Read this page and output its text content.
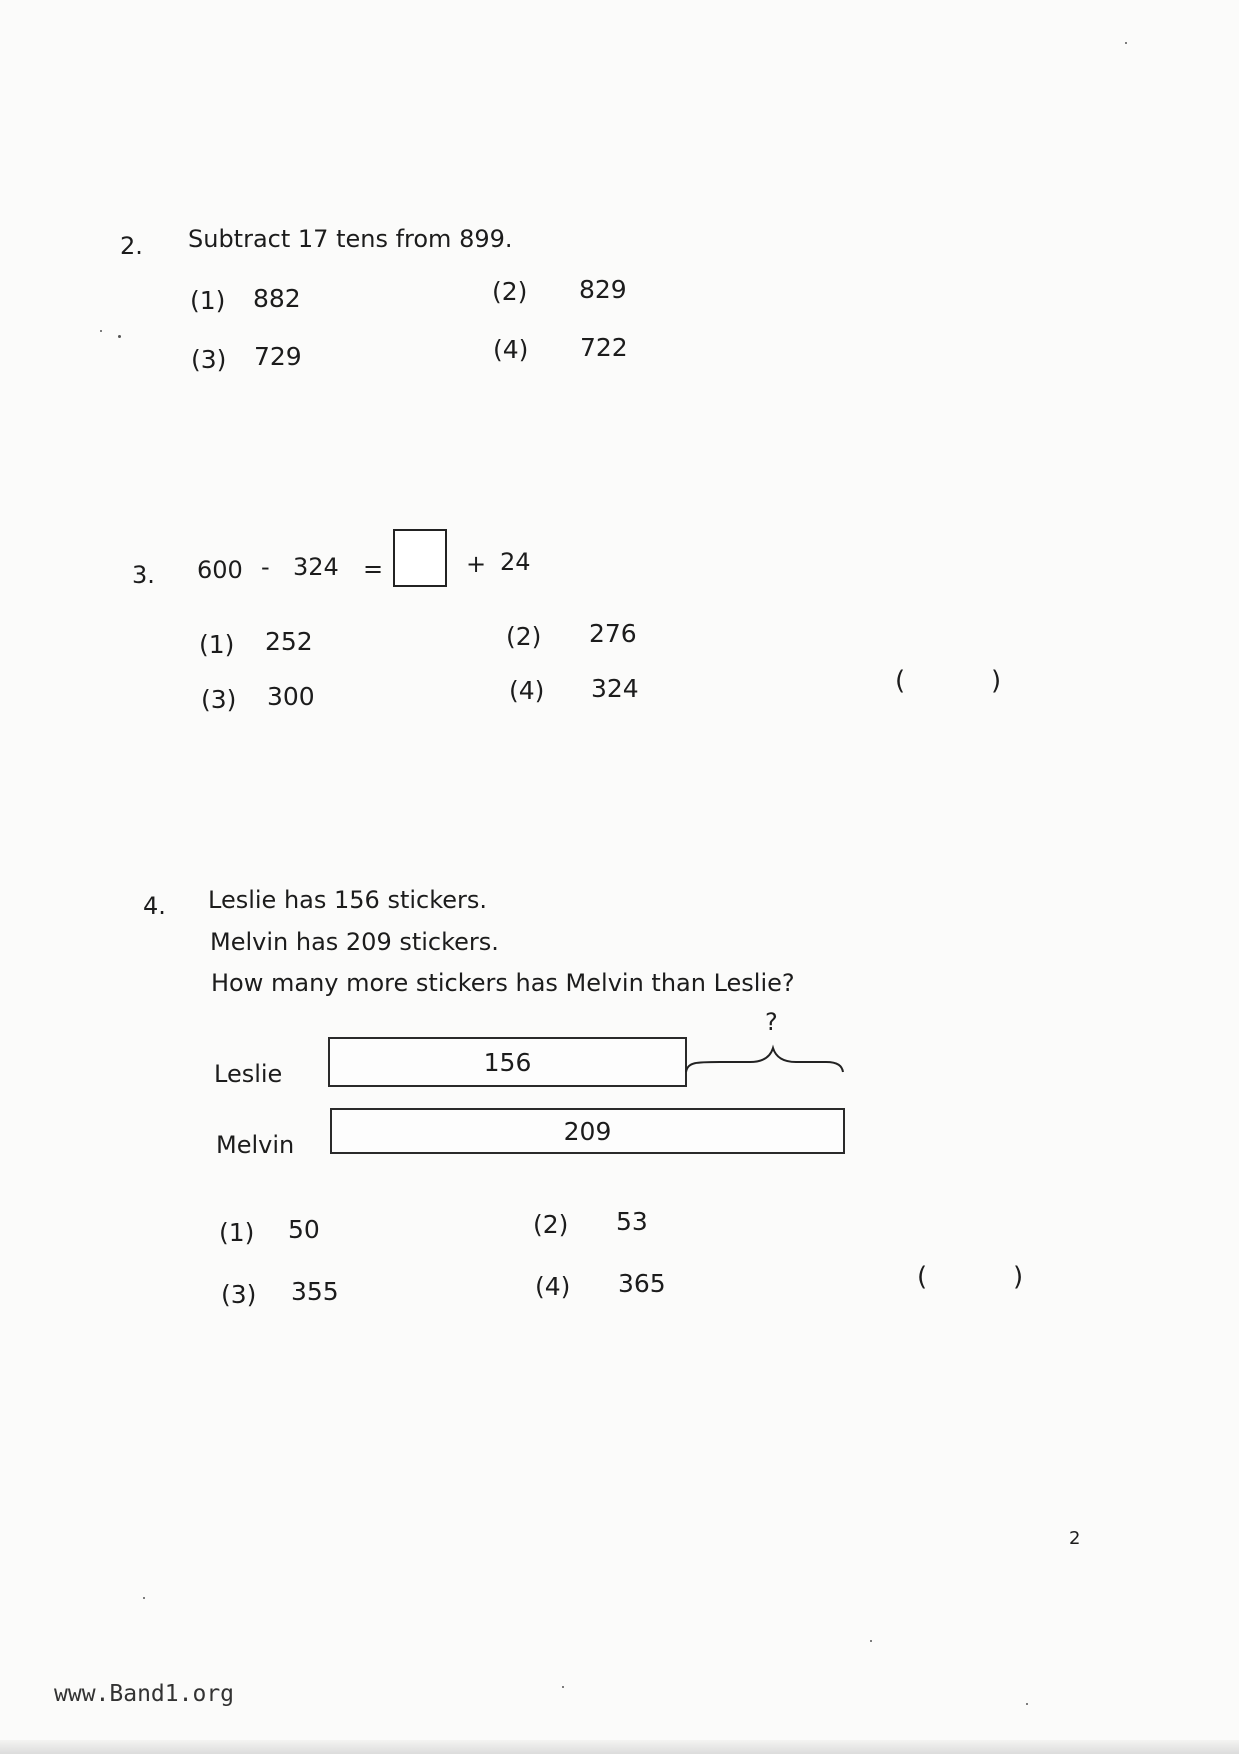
2. Subtract 17 tens from 899.
(1) 882	(2) 829
(3) 729	(4) 722
3. 600 - 324 =	+ 24
(1) 252	(2) 276
(3) 300	(4) 324	(	)
4. Leslie has 156 stickers.
Melvin has 209 stickers.
How many more stickers has Melvin than Leslie?
Leslie	156
Melvin	209
?
(1) 50	(2) 53
(3) 355	(4) 365	(	)
2
www.Band1.org
